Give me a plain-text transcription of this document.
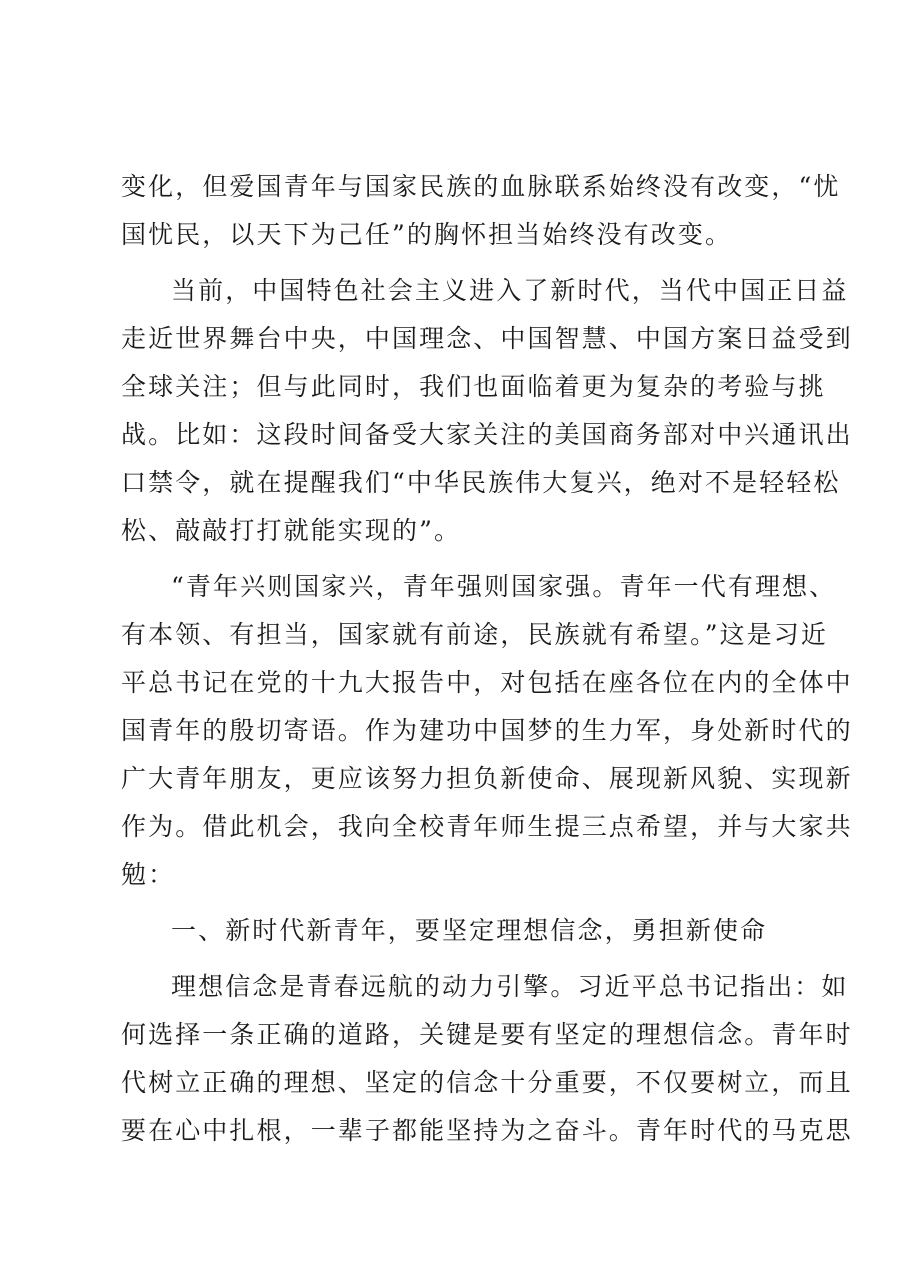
变化，但爱国青年与国家民族的血脉联系始终没有改变，“忧
国忧民，以天下为己任”的胸怀担当始终没有改变。
当前，中国特色社会主义进入了新时代，当代中国正日益
走近世界舞台中央，中国理念、中国智慧、中国方案日益受到
全球关注；但与此同时，我们也面临着更为复杂的考验与挑
战。比如：这段时间备受大家关注的美国商务部对中兴通讯出
口禁令，就在提醒我们“中华民族伟大复兴，绝对不是轻轻松
松、敲敲打打就能实现的”。
“青年兴则国家兴，青年强则国家强。青年一代有理想、
有本领、有担当，国家就有前途，民族就有希望。”这是习近
平总书记在党的十九大报告中，对包括在座各位在内的全体中
国青年的殷切寄语。作为建功中国梦的生力军，身处新时代的
广大青年朋友，更应该努力担负新使命、展现新风貌、实现新
作为。借此机会，我向全校青年师生提三点希望，并与大家共
勉：
一、新时代新青年，要坚定理想信念，勇担新使命
理想信念是青春远航的动力引擎。习近平总书记指出：如
何选择一条正确的道路，关键是要有坚定的理想信念。青年时
代树立正确的理想、坚定的信念十分重要，不仅要树立，而且
要在心中扎根，一辈子都能坚持为之奋斗。青年时代的马克思
